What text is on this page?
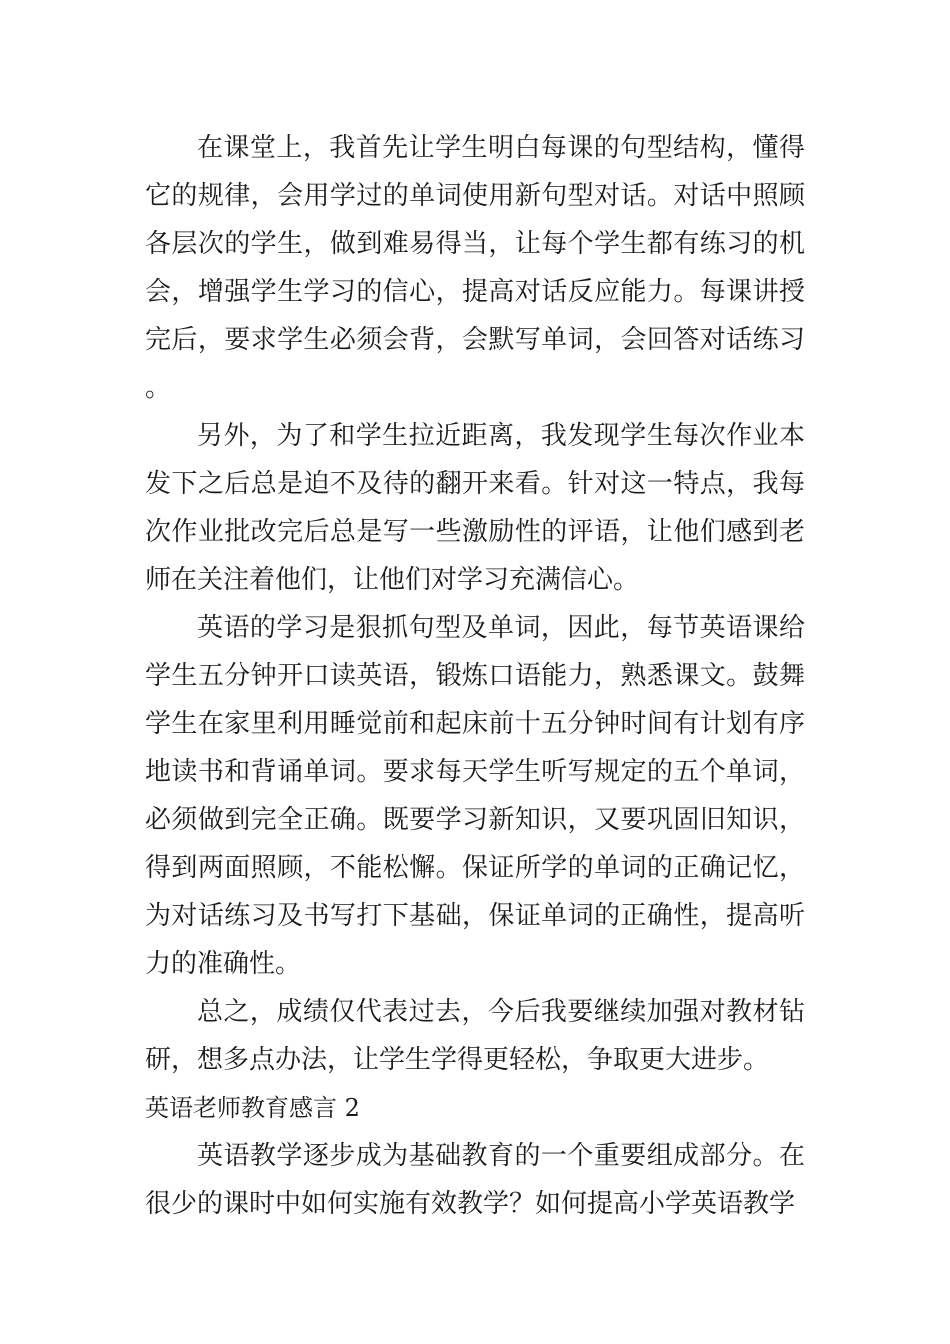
在课堂上，我首先让学生明白每课的句型结构，懂得它的规律，会用学过的单词使用新句型对话。对话中照顾各层次的学生，做到难易得当，让每个学生都有练习的机会，增强学生学习的信心，提高对话反应能力。每课讲授完后，要求学生必须会背，会默写单词，会回答对话练习。

另外，为了和学生拉近距离，我发现学生每次作业本发下之后总是迫不及待的翻开来看。针对这一特点，我每次作业批改完后总是写一些激励性的评语，让他们感到老师在关注着他们，让他们对学习充满信心。

英语的学习是狠抓句型及单词，因此，每节英语课给学生五分钟开口读英语，锻炼口语能力，熟悉课文。鼓舞学生在家里利用睡觉前和起床前十五分钟时间有计划有序地读书和背诵单词。要求每天学生听写规定的五个单词，必须做到完全正确。既要学习新知识，又要巩固旧知识，得到两面照顾，不能松懈。保证所学的单词的正确记忆，为对话练习及书写打下基础，保证单词的正确性，提高听力的准确性。

总之，成绩仅代表过去，今后我要继续加强对教材钻研，想多点办法，让学生学得更轻松，争取更大进步。

英语老师教育感言 2

英语教学逐步成为基础教育的一个重要组成部分。在很少的课时中如何实施有效教学？如何提高小学英语教学
